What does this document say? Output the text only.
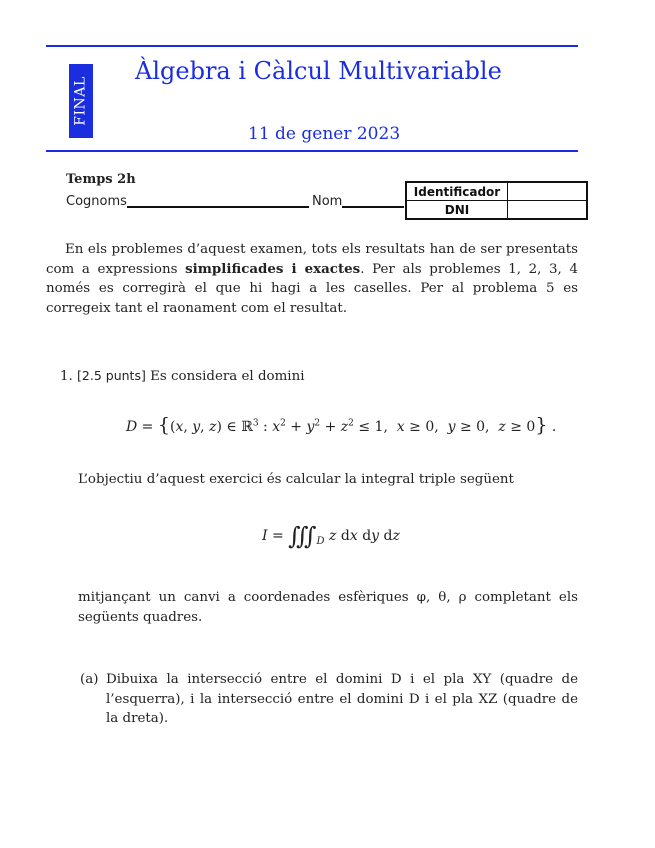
FINAL
Àlgebra i Càlcul Multivariable
11 de gener 2023
Temps 2h
Cognoms	Nom
Identificador	
DNI	
En els problemes d’aquest examen, tots els resultats han de ser presentats com a expressions simplificades i exactes. Per als problemes 1, 2, 3, 4 només es corregirà el que hi hagi a les caselles. Per al problema 5 es corregeix tant el raonament com el resultat.
1. [2.5 punts] Es considera el domini
D = {(x, y, z) ∈ ℝ$^3$ : $x^2 + y^2 + z^2 \le 1$,  x ≥ 0,  y ≥ 0,  z ≥ 0} .
L’objectiu d’aquest exercici és calcular la integral triple següent
$I = ∭_D$ z dx dy dz
mitjançant un canvi a coordenades esfèriques φ, θ, ρ completant els següents quadres.
(a) Dibuixa la intersecció entre el domini D i el pla XY (quadre de l’esquerra), i la intersecció entre el domini D i el pla XZ (quadre de la dreta).
